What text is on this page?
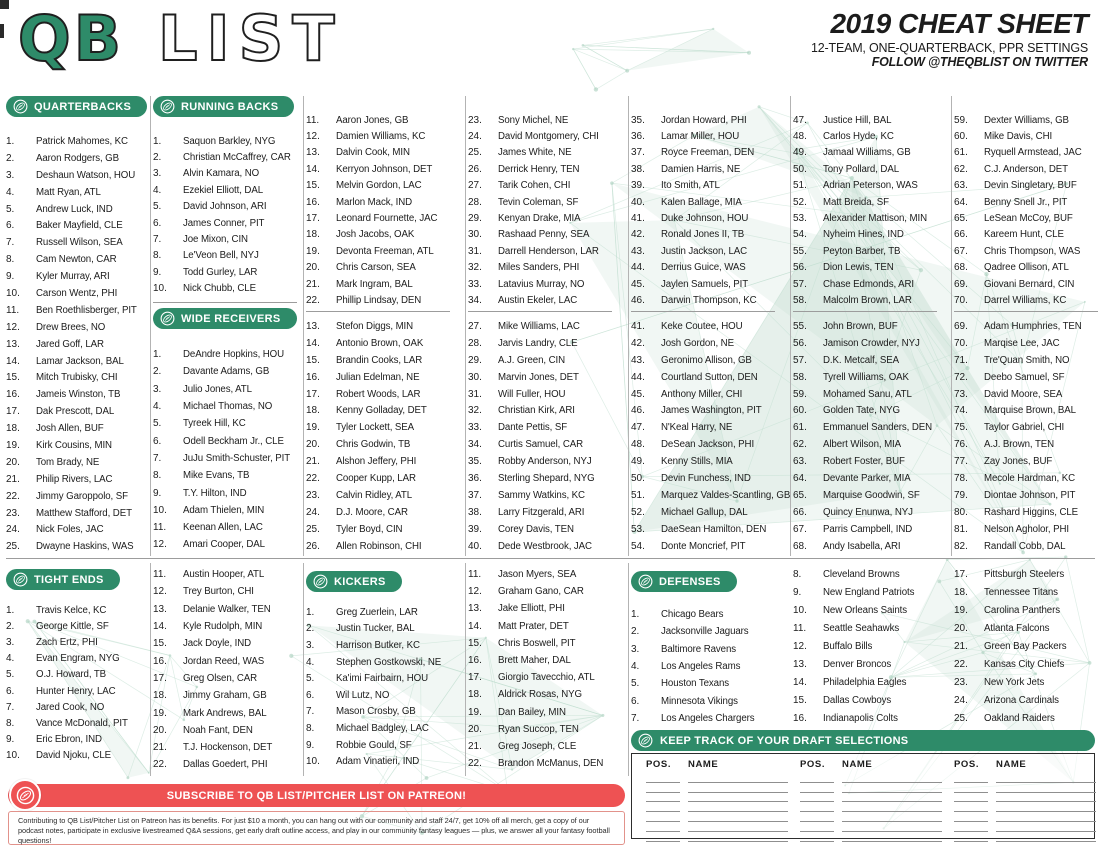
QB LIST	2019 CHEAT SHEET
12-TEAM, ONE-QUARTERBACK, PPR SETTINGS
FOLLOW @THEQBLIST ON TWITTER
QUARTERBACKS	RUNNING BACKS
WIDE RECEIVERS
TIGHT ENDS	KICKERS	DEFENSES
1.	Patrick Mahomes, KC
2.	Aaron Rodgers, GB
3.	Deshaun Watson, HOU
4.	Matt Ryan, ATL
5.	Andrew Luck, IND
6.	Baker Mayfield, CLE
7.	Russell Wilson, SEA
8.	Cam Newton, CAR
9.	Kyler Murray, ARI
10.	Carson Wentz, PHI
11.	Ben Roethlisberger, PIT
12.	Drew Brees, NO
13.	Jared Goff, LAR
14.	Lamar Jackson, BAL
15.	Mitch Trubisky, CHI
16.	Jameis Winston, TB
17.	Dak Prescott, DAL
18.	Josh Allen, BUF
19.	Kirk Cousins, MIN
20.	Tom Brady, NE
21.	Philip Rivers, LAC
22.	Jimmy Garoppolo, SF
23.	Matthew Stafford, DET
24.	Nick Foles, JAC
25.	Dwayne Haskins, WAS
1.	Saquon Barkley, NYG
2.	Christian McCaffrey, CAR
3.	Alvin Kamara, NO
4.	Ezekiel Elliott, DAL
5.	David Johnson, ARI
6.	James Conner, PIT
7.	Joe Mixon, CIN
8.	Le'Veon Bell, NYJ
9.	Todd Gurley, LAR
10.	Nick Chubb, CLE
11.	Aaron Jones, GB
12.	Damien Williams, KC
13.	Dalvin Cook, MIN
14.	Kerryon Johnson, DET
15.	Melvin Gordon, LAC
16.	Marlon Mack, IND
17.	Leonard Fournette, JAC
18.	Josh Jacobs, OAK
19.	Devonta Freeman, ATL
20.	Chris Carson, SEA
21.	Mark Ingram, BAL
22.	Phillip Lindsay, DEN
23.	Sony Michel, NE
24.	David Montgomery, CHI
25.	James White, NE
26.	Derrick Henry, TEN
27.	Tarik Cohen, CHI
28.	Tevin Coleman, SF
29.	Kenyan Drake, MIA
30.	Rashaad Penny, SEA
31.	Darrell Henderson, LAR
32.	Miles Sanders, PHI
33.	Latavius Murray, NO
34.	Austin Ekeler, LAC
35.	Jordan Howard, PHI
36.	Lamar Miller, HOU
37.	Royce Freeman, DEN
38.	Damien Harris, NE
39.	Ito Smith, ATL
40.	Kalen Ballage, MIA
41.	Duke Johnson, HOU
42.	Ronald Jones II, TB
43.	Justin Jackson, LAC
44.	Derrius Guice, WAS
45.	Jaylen Samuels, PIT
46.	Darwin Thompson, KC
47.	Justice Hill, BAL
48.	Carlos Hyde, KC
49.	Jamaal Williams, GB
50.	Tony Pollard, DAL
51.	Adrian Peterson, WAS
52.	Matt Breida, SF
53.	Alexander Mattison, MIN
54.	Nyheim Hines, IND
55.	Peyton Barber, TB
56.	Dion Lewis, TEN
57.	Chase Edmonds, ARI
58.	Malcolm Brown, LAR
59.	Dexter Williams, GB
60.	Mike Davis, CHI
61.	Ryquell Armstead, JAC
62.	C.J. Anderson, DET
63.	Devin Singletary, BUF
64.	Benny Snell Jr., PIT
65.	LeSean McCoy, BUF
66.	Kareem Hunt, CLE
67.	Chris Thompson, WAS
68.	Qadree Ollison, ATL
69.	Giovani Bernard, CIN
70.	Darrel Williams, KC
1.	DeAndre Hopkins, HOU
2.	Davante Adams, GB
3.	Julio Jones, ATL
4.	Michael Thomas, NO
5.	Tyreek Hill, KC
6.	Odell Beckham Jr., CLE
7.	JuJu Smith-Schuster, PIT
8.	Mike Evans, TB
9.	T.Y. Hilton, IND
10.	Adam Thielen, MIN
11.	Keenan Allen, LAC
12.	Amari Cooper, DAL
13.	Stefon Diggs, MIN
14.	Antonio Brown, OAK
15.	Brandin Cooks, LAR
16.	Julian Edelman, NE
17.	Robert Woods, LAR
18.	Kenny Golladay, DET
19.	Tyler Lockett, SEA
20.	Chris Godwin, TB
21.	Alshon Jeffery, PHI
22.	Cooper Kupp, LAR
23.	Calvin Ridley, ATL
24.	D.J. Moore, CAR
25.	Tyler Boyd, CIN
26.	Allen Robinson, CHI
27.	Mike Williams, LAC
28.	Jarvis Landry, CLE
29.	A.J. Green, CIN
30.	Marvin Jones, DET
31.	Will Fuller, HOU
32.	Christian Kirk, ARI
33.	Dante Pettis, SF
34.	Curtis Samuel, CAR
35.	Robby Anderson, NYJ
36.	Sterling Shepard, NYG
37.	Sammy Watkins, KC
38.	Larry Fitzgerald, ARI
39.	Corey Davis, TEN
40.	Dede Westbrook, JAC
41.	Keke Coutee, HOU
42.	Josh Gordon, NE
43.	Geronimo Allison, GB
44.	Courtland Sutton, DEN
45.	Anthony Miller, CHI
46.	James Washington, PIT
47.	N'Keal Harry, NE
48.	DeSean Jackson, PHI
49.	Kenny Stills, MIA
50.	Devin Funchess, IND
51.	Marquez Valdes-Scantling, GB
52.	Michael Gallup, DAL
53.	DaeSean Hamilton, DEN
54.	Donte Moncrief, PIT
55.	John Brown, BUF
56.	Jamison Crowder, NYJ
57.	D.K. Metcalf, SEA
58.	Tyrell Williams, OAK
59.	Mohamed Sanu, ATL
60.	Golden Tate, NYG
61.	Emmanuel Sanders, DEN
62.	Albert Wilson, MIA
63.	Robert Foster, BUF
64.	Devante Parker, MIA
65.	Marquise Goodwin, SF
66.	Quincy Enunwa, NYJ
67.	Parris Campbell, IND
68.	Andy Isabella, ARI
69.	Adam Humphries, TEN
70.	Marqise Lee, JAC
71.	Tre'Quan Smith, NO
72.	Deebo Samuel, SF
73.	David Moore, SEA
74.	Marquise Brown, BAL
75.	Taylor Gabriel, CHI
76.	A.J. Brown, TEN
77.	Zay Jones, BUF
78.	Mecole Hardman, KC
79.	Diontae Johnson, PIT
80.	Rashard Higgins, CLE
81.	Nelson Agholor, PHI
82.	Randall Cobb, DAL
1.	Travis Kelce, KC
2.	George Kittle, SF
3.	Zach Ertz, PHI
4.	Evan Engram, NYG
5.	O.J. Howard, TB
6.	Hunter Henry, LAC
7.	Jared Cook, NO
8.	Vance McDonald, PIT
9.	Eric Ebron, IND
10.	David Njoku, CLE
11.	Austin Hooper, ATL
12.	Trey Burton, CHI
13.	Delanie Walker, TEN
14.	Kyle Rudolph, MIN
15.	Jack Doyle, IND
16.	Jordan Reed, WAS
17.	Greg Olsen, CAR
18.	Jimmy Graham, GB
19.	Mark Andrews, BAL
20.	Noah Fant, DEN
21.	T.J. Hockenson, DET
22.	Dallas Goedert, PHI
1.	Greg Zuerlein, LAR
2.	Justin Tucker, BAL
3.	Harrison Butker, KC
4.	Stephen Gostkowski, NE
5.	Ka'imi Fairbairn, HOU
6.	Wil Lutz, NO
7.	Mason Crosby, GB
8.	Michael Badgley, LAC
9.	Robbie Gould, SF
10.	Adam Vinatieri, IND
11.	Jason Myers, SEA
12.	Graham Gano, CAR
13.	Jake Elliott, PHI
14.	Matt Prater, DET
15.	Chris Boswell, PIT
16.	Brett Maher, DAL
17.	Giorgio Tavecchio, ATL
18.	Aldrick Rosas, NYG
19.	Dan Bailey, MIN
20.	Ryan Succop, TEN
21.	Greg Joseph, CLE
22.	Brandon McManus, DEN
1.	Chicago Bears
2.	Jacksonville Jaguars
3.	Baltimore Ravens
4.	Los Angeles Rams
5.	Houston Texans
6.	Minnesota Vikings
7.	Los Angeles Chargers
8.	Cleveland Browns
9.	New England Patriots
10.	New Orleans Saints
11.	Seattle Seahawks
12.	Buffalo Bills
13.	Denver Broncos
14.	Philadelphia Eagles
15.	Dallas Cowboys
16.	Indianapolis Colts
17.	Pittsburgh Steelers
18.	Tennessee Titans
19.	Carolina Panthers
20.	Atlanta Falcons
21.	Green Bay Packers
22.	Kansas City Chiefs
23.	New York Jets
24.	Arizona Cardinals
25.	Oakland Raiders
KEEP TRACK OF YOUR DRAFT SELECTIONS
POS.	NAME	POS.	NAME	POS.	NAME
SUBSCRIBE TO QB LIST/PITCHER LIST ON PATREON!

Contributing to QB List/Pitcher List on Patreon has its benefits. For just $10 a month, you can hang out with our community and staff 24/7, get 10% off all merch, get a copy of our podcast notes, participate in exclusive livestreamed Q&A sessions, get early draft outline access, and play in our community fantasy leagues — plus, we answer all your fantasy football questions!
